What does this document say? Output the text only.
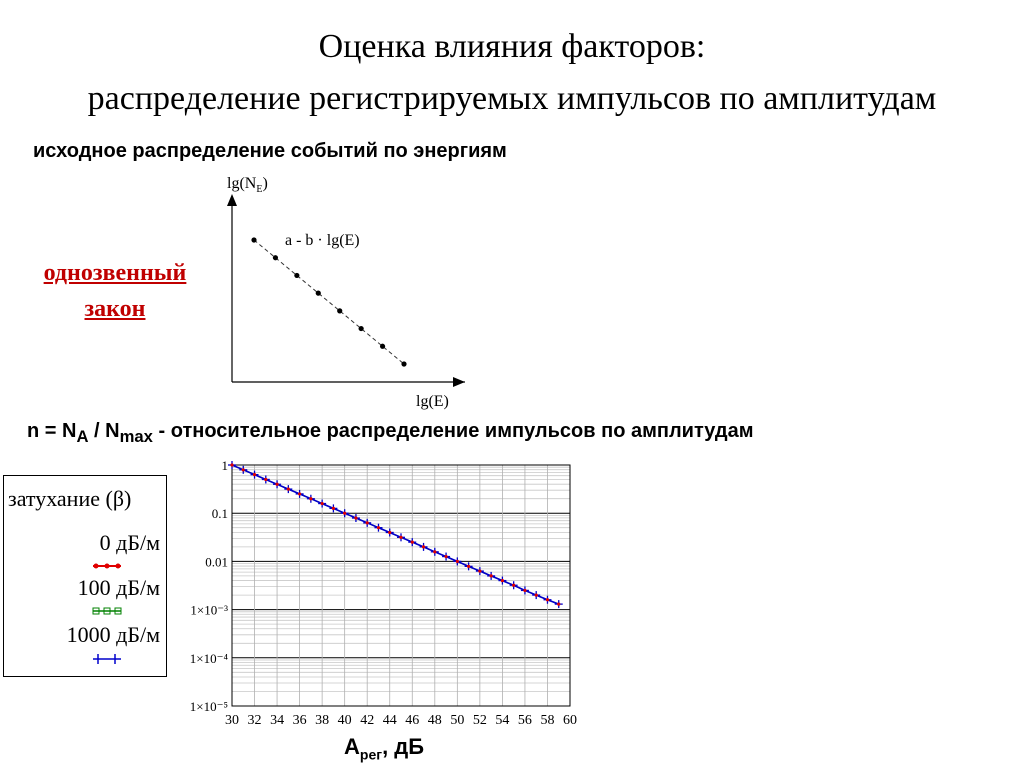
Оценка влияния факторов:
распределение регистрируемых импульсов по амплитудам
исходное распределение событий по энергиям
однозвенный
закон
$n = N_A / N_{max}$ - относительное распределение импульсов по амплитудам
$\lg(N_E)$
lg(E)
a - b · lg(E)
30 32 34 36 38 40 42 44 46 48 50 52 54 56 58 60
1
0.1
0.01
1×10⁻³
1×10⁻⁴
1×10⁻⁵
затухание (β)
0 дБ/м
100 дБ/м
1000 дБ/м
$A_{рег}$, дБ
